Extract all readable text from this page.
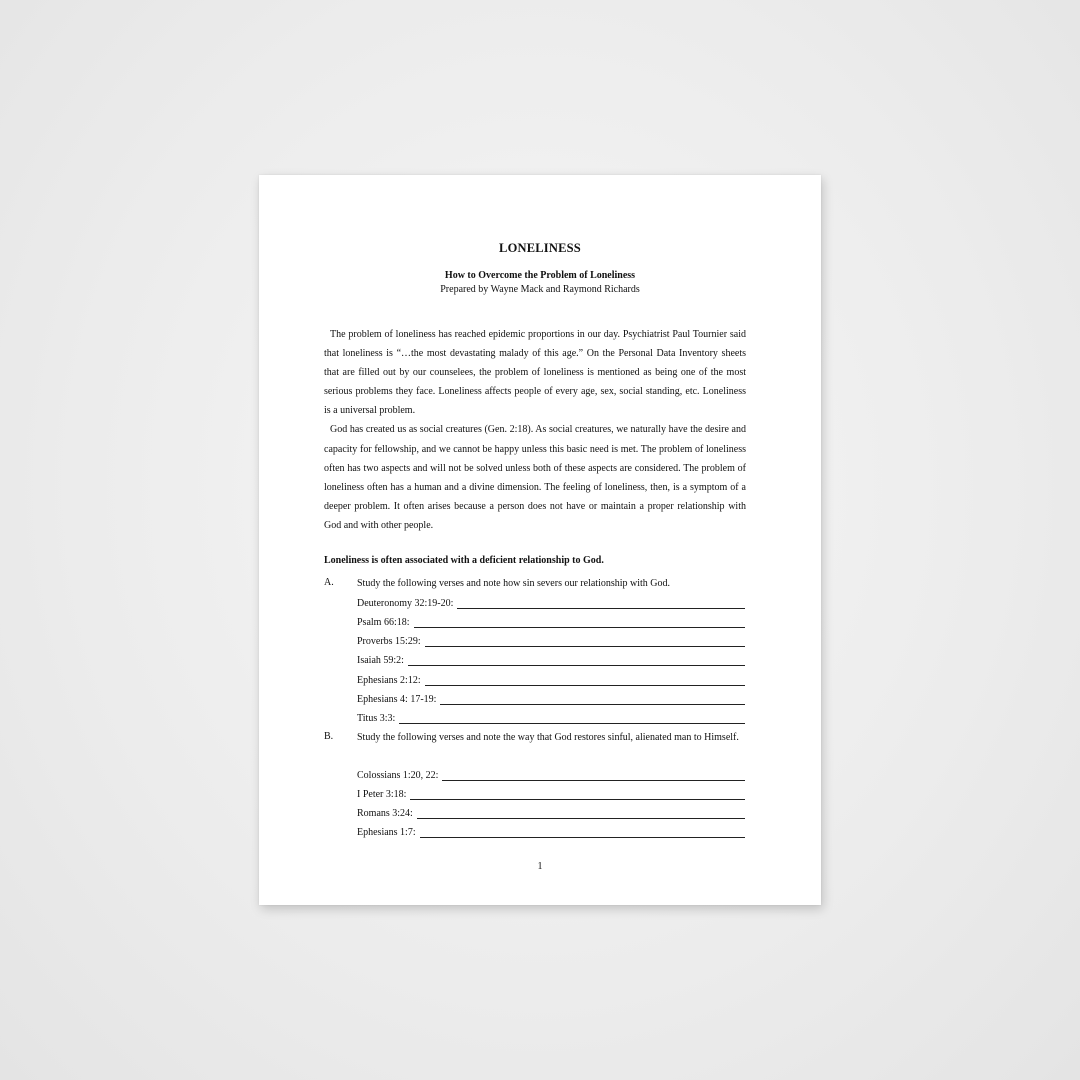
LONELINESS
How to Overcome the Problem of Loneliness
Prepared by Wayne Mack and Raymond Richards

The problem of loneliness has reached epidemic proportions in our day. Psychiatrist Paul Tournier said that loneliness is “…the most devastating malady of this age.” On the Personal Data Inventory sheets that are filled out by our counselees, the problem of loneliness is mentioned as being one of the most serious problems they face. Loneliness affects people of every age, sex, social standing, etc. Loneliness is a universal problem.

God has created us as social creatures (Gen. 2:18). As social creatures, we naturally have the desire and capacity for fellowship, and we cannot be happy unless this basic need is met. The problem of loneliness often has two aspects and will not be solved unless both of these aspects are considered. The problem of loneliness often has a human and a divine dimension. The feeling of loneliness, then, is a symptom of a deeper problem. It often arises because a person does not have or maintain a proper relationship with God and with other people.

Loneliness is often associated with a deficient relationship to God.
A. Study the following verses and note how sin severs our relationship with God.
Deuteronomy 32:19-20:
Psalm 66:18:
Proverbs 15:29:
Isaiah 59:2:
Ephesians 2:12:
Ephesians 4: 17-19:
Titus 3:3:
B. Study the following verses and note the way that God restores sinful, alienated man to Himself.
Colossians 1:20, 22:
I Peter 3:18:
Romans 3:24:
Ephesians 1:7:
1
